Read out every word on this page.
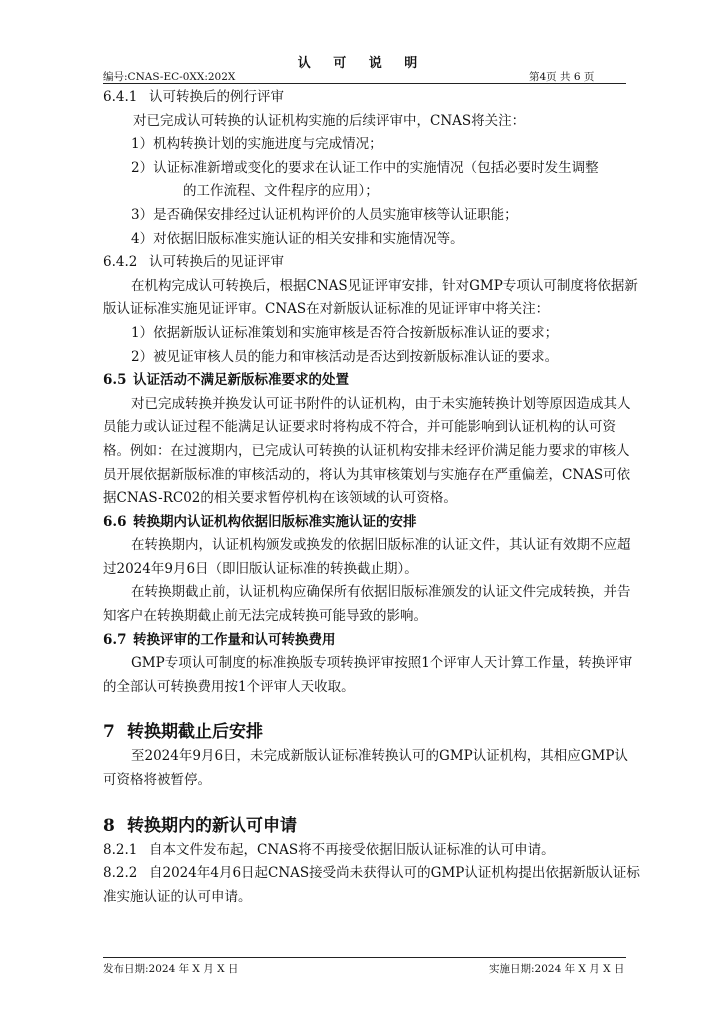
认 可 说 明
编号:CNAS-EC-0XX:202X	第4页 共 6 页

6.4.1 认可转换后的例行评审

对已完成认可转换的认证机构实施的后续评审中，CNAS将关注：

1）机构转换计划的实施进度与完成情况；

2）认证标准新增或变化的要求在认证工作中的实施情况（包括必要时发生调整

的工作流程、文件程序的应用）；

3）是否确保安排经过认证机构评价的人员实施审核等认证职能；

4）对依据旧版标准实施认证的相关安排和实施情况等。

6.4.2 认可转换后的见证评审

在机构完成认可转换后，根据CNAS见证评审安排，针对GMP专项认可制度将依据新版认证标准实施见证评审。CNAS在对新版认证标准的见证评审中将关注：

1）依据新版认证标准策划和实施审核是否符合按新版标准认证的要求；

2）被见证审核人员的能力和审核活动是否达到按新版标准认证的要求。

6.5 认证活动不满足新版标准要求的处置

对已完成转换并换发认可证书附件的认证机构，由于未实施转换计划等原因造成其人员能力或认证过程不能满足认证要求时将构成不符合，并可能影响到认证机构的认可资格。例如：在过渡期内，已完成认可转换的认证机构安排未经评价满足能力要求的审核人员开展依据新版标准的审核活动的，将认为其审核策划与实施存在严重偏差，CNAS可依据CNAS-RC02的相关要求暂停机构在该领域的认可资格。

6.6 转换期内认证机构依据旧版标准实施认证的安排

在转换期内，认证机构颁发或换发的依据旧版标准的认证文件，其认证有效期不应超过2024年9月6日（即旧版认证标准的转换截止期）。

在转换期截止前，认证机构应确保所有依据旧版标准颁发的认证文件完成转换，并告知客户在转换期截止前无法完成转换可能导致的影响。

6.7 转换评审的工作量和认可转换费用

GMP专项认可制度的标准换版专项转换评审按照1个评审人天计算工作量，转换评审的全部认可转换费用按1个评审人天收取。

7 转换期截止后安排

至2024年9月6日，未完成新版认证标准转换认可的GMP认证机构，其相应GMP认可资格将被暂停。

8 转换期内的新认可申请

8.2.1 自本文件发布起，CNAS将不再接受依据旧版认证标准的认可申请。

8.2.2 自2024年4月6日起CNAS接受尚未获得认可的GMP认证机构提出依据新版认证标准实施认证的认可申请。

发布日期:2024 年 X 月 X 日	实施日期:2024 年 X 月 X 日
